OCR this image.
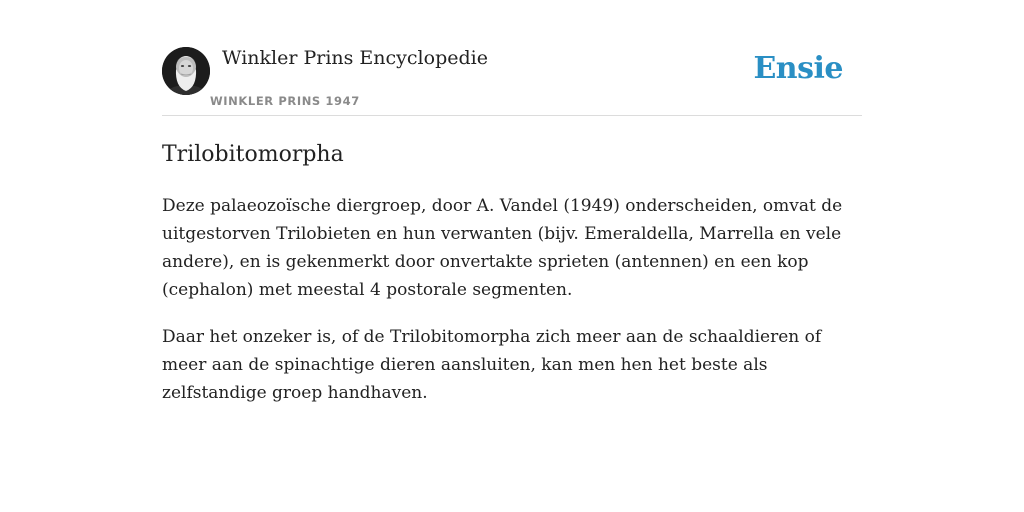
Winkler Prins Encyclopedie
WINKLER PRINS 1947
Ensie
Trilobitomorpha

Deze palaeozoïsche diergroep, door A. Vandel (1949) onderscheiden, omvat de uitgestorven Trilobieten en hun verwanten (bijv. Emeraldella, Marrella en vele andere), en is gekenmerkt door onvertakte sprieten (antennen) en een kop (cephalon) met meestal 4 postorale segmenten.

Daar het onzeker is, of de Trilobitomorpha zich meer aan de schaaldieren of meer aan de spinachtige dieren aansluiten, kan men hen het beste als zelfstandige groep handhaven.
